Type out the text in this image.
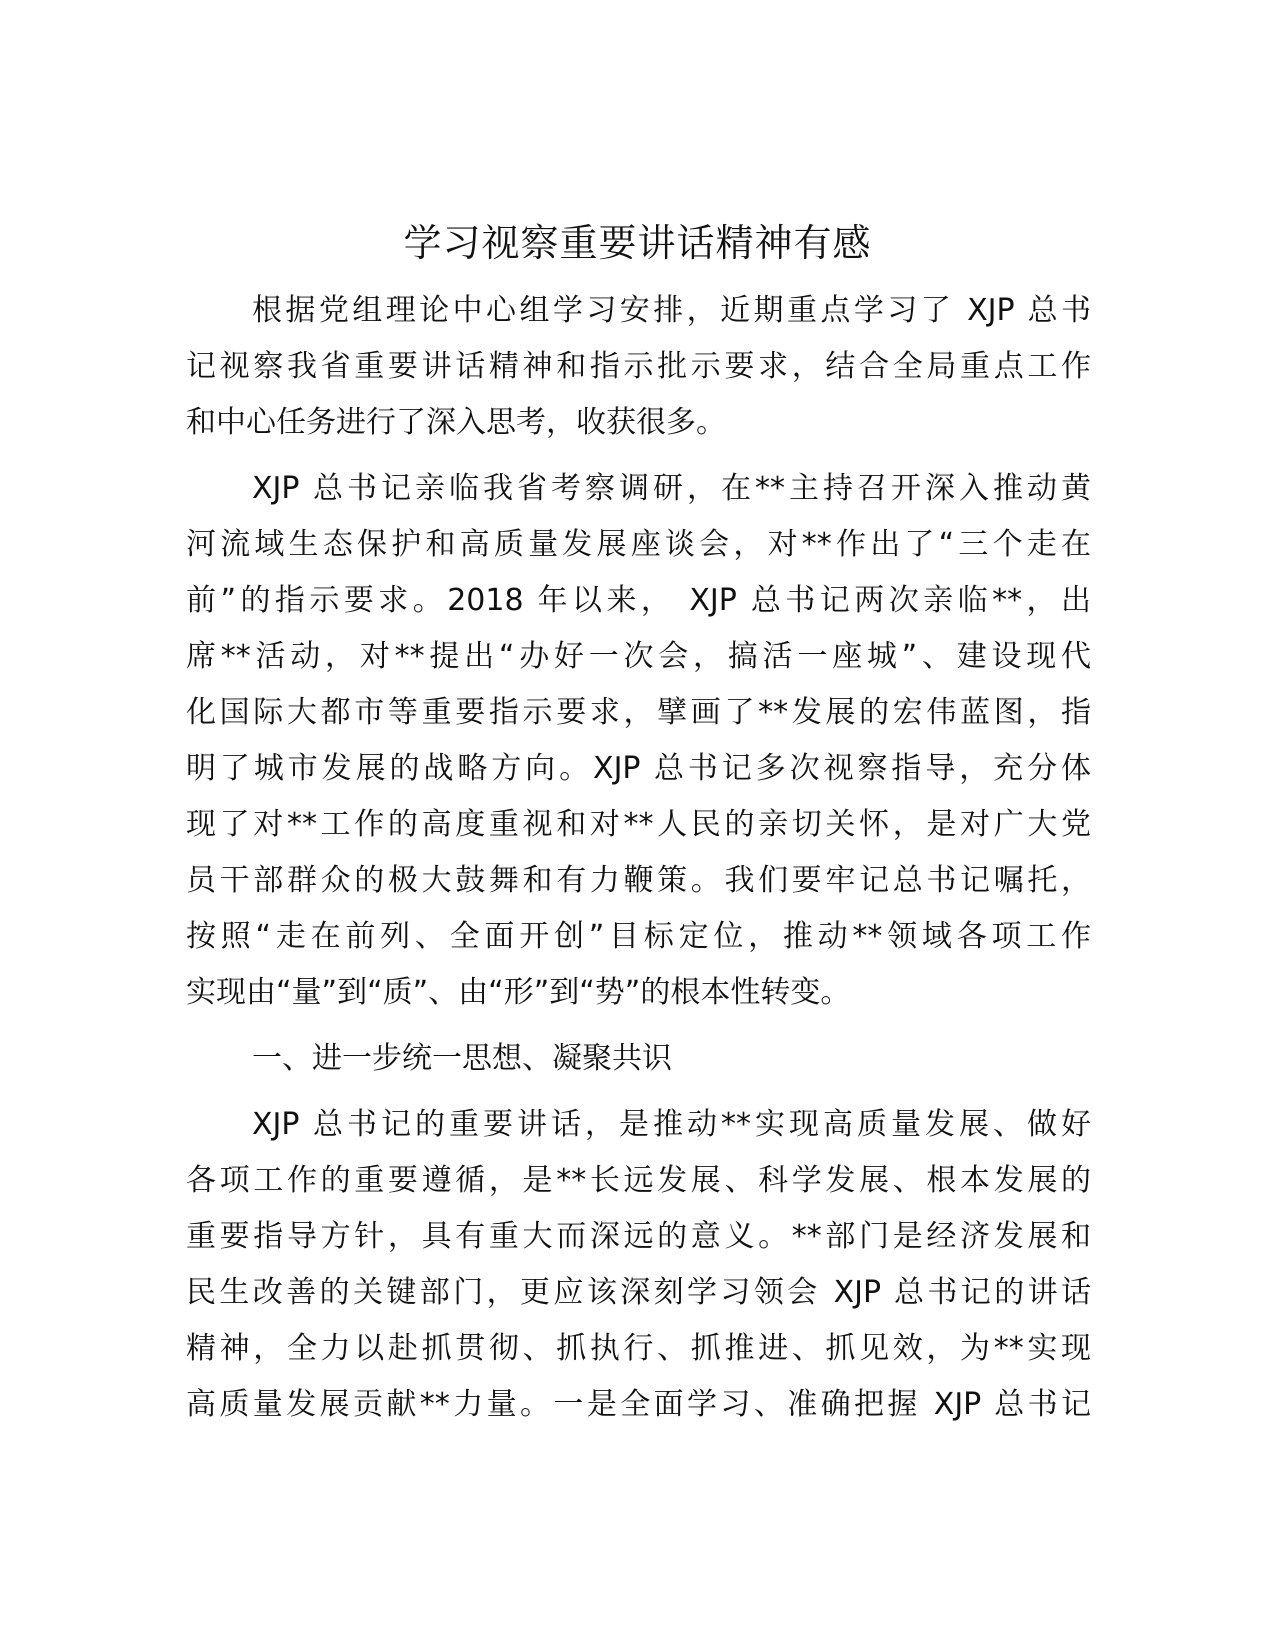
学习视察重要讲话精神有感
根据党组理论中心组学习安排，近期重点学习了 XJP 总书
记视察我省重要讲话精神和指示批示要求，结合全局重点工作
和中心任务进行了深入思考，收获很多。
XJP 总书记亲临我省考察调研，在**主持召开深入推动黄
河流域生态保护和高质量发展座谈会，对**作出了“三个走在
前”的指示要求。2018 年以来， XJP 总书记两次亲临**，出
席**活动，对**提出“办好一次会，搞活一座城”、建设现代
化国际大都市等重要指示要求，擘画了**发展的宏伟蓝图，指
明了城市发展的战略方向。XJP 总书记多次视察指导，充分体
现了对**工作的高度重视和对**人民的亲切关怀，是对广大党
员干部群众的极大鼓舞和有力鞭策。我们要牢记总书记嘱托，
按照“走在前列、全面开创”目标定位，推动**领域各项工作
实现由“量”到“质”、由“形”到“势”的根本性转变。
一、进一步统一思想、凝聚共识
XJP 总书记的重要讲话，是推动**实现高质量发展、做好
各项工作的重要遵循，是**长远发展、科学发展、根本发展的
重要指导方针，具有重大而深远的意义。**部门是经济发展和
民生改善的关键部门，更应该深刻学习领会 XJP 总书记的讲话
精神，全力以赴抓贯彻、抓执行、抓推进、抓见效，为**实现
高质量发展贡献**力量。一是全面学习、准确把握 XJP 总书记
